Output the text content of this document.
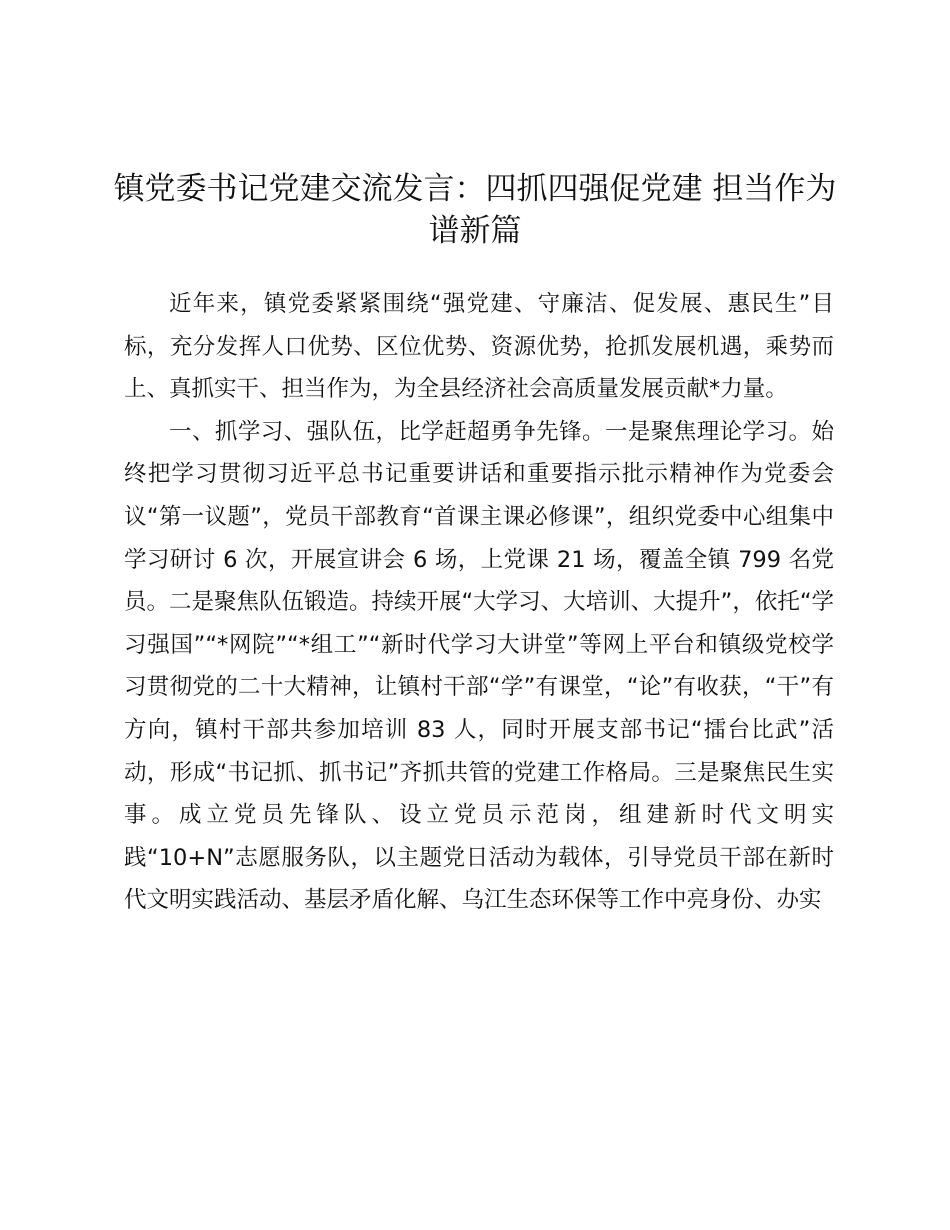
镇党委书记党建交流发言：四抓四强促党建 担当作为谱新篇

近年来，镇党委紧紧围绕“强党建、守廉洁、促发展、惠民生”目标，充分发挥人口优势、区位优势、资源优势，抢抓发展机遇，乘势而上、真抓实干、担当作为，为全县经济社会高质量发展贡献*力量。

一、抓学习、强队伍，比学赶超勇争先锋。一是聚焦理论学习。始终把学习贯彻习近平总书记重要讲话和重要指示批示精神作为党委会议“第一议题”，党员干部教育“首课主课必修课”，组织党委中心组集中学习研讨 6 次，开展宣讲会 6 场，上党课 21 场，覆盖全镇 799 名党员。二是聚焦队伍锻造。持续开展“大学习、大培训、大提升”，依托“学习强国”“*网院”“*组工”“新时代学习大讲堂”等网上平台和镇级党校学习贯彻党的二十大精神，让镇村干部“学”有课堂，“论”有收获，“干”有方向，镇村干部共参加培训 83 人，同时开展支部书记“擂台比武”活动，形成“书记抓、抓书记”齐抓共管的党建工作格局。三是聚焦民生实事。成立党员先锋队、设立党员示范岗，组建新时代文明实践“10+N”志愿服务队，以主题党日活动为载体，引导党员干部在新时代文明实践活动、基层矛盾化解、乌江生态环保等工作中亮身份、办实
